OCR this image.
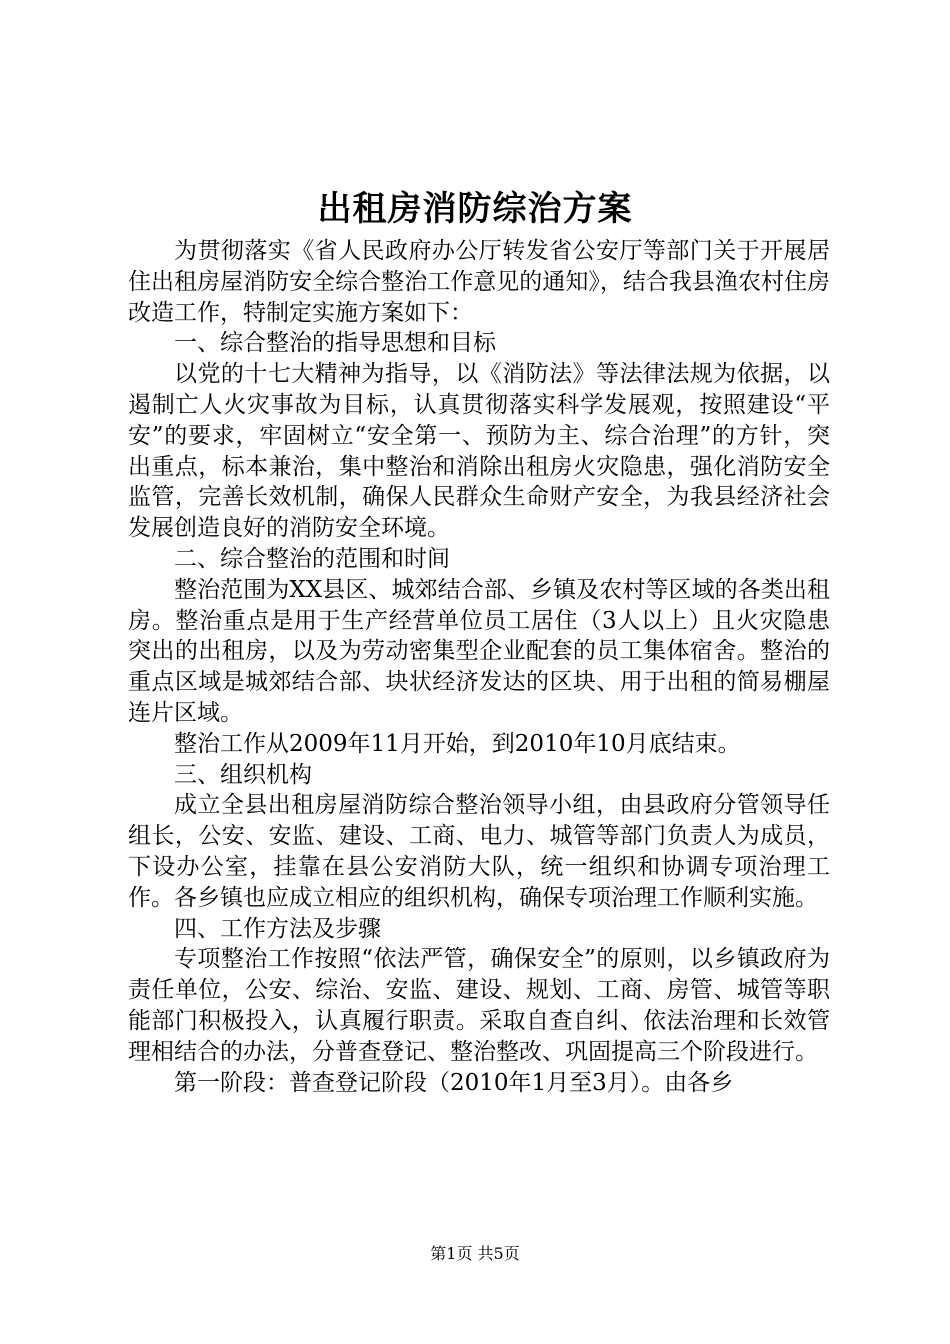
出租房消防综治方案

为贯彻落实《省人民政府办公厅转发省公安厅等部门关于开展居住出租房屋消防安全综合整治工作意见的通知》，结合我县渔农村住房改造工作，特制定实施方案如下：

一、综合整治的指导思想和目标

以党的十七大精神为指导，以《消防法》等法律法规为依据，以遏制亡人火灾事故为目标，认真贯彻落实科学发展观，按照建设“平安”的要求，牢固树立“安全第一、预防为主、综合治理”的方针，突出重点，标本兼治，集中整治和消除出租房火灾隐患，强化消防安全监管，完善长效机制，确保人民群众生命财产安全，为我县经济社会发展创造良好的消防安全环境。

二、综合整治的范围和时间

整治范围为XX县区、城郊结合部、乡镇及农村等区域的各类出租房。整治重点是用于生产经营单位员工居住（3人以上）且火灾隐患突出的出租房，以及为劳动密集型企业配套的员工集体宿舍。整治的重点区域是城郊结合部、块状经济发达的区块、用于出租的简易棚屋连片区域。

整治工作从2009年11月开始，到2010年10月底结束。

三、组织机构

成立全县出租房屋消防综合整治领导小组，由县政府分管领导任组长，公安、安监、建设、工商、电力、城管等部门负责人为成员，下设办公室，挂靠在县公安消防大队，统一组织和协调专项治理工作。各乡镇也应成立相应的组织机构，确保专项治理工作顺利实施。

四、工作方法及步骤

专项整治工作按照“依法严管，确保安全”的原则，以乡镇政府为责任单位，公安、综治、安监、建设、规划、工商、房管、城管等职能部门积极投入，认真履行职责。采取自查自纠、依法治理和长效管理相结合的办法，分普查登记、整治整改、巩固提高三个阶段进行。

第一阶段：普查登记阶段（2010年1月至3月）。由各乡

第1页 共5页
